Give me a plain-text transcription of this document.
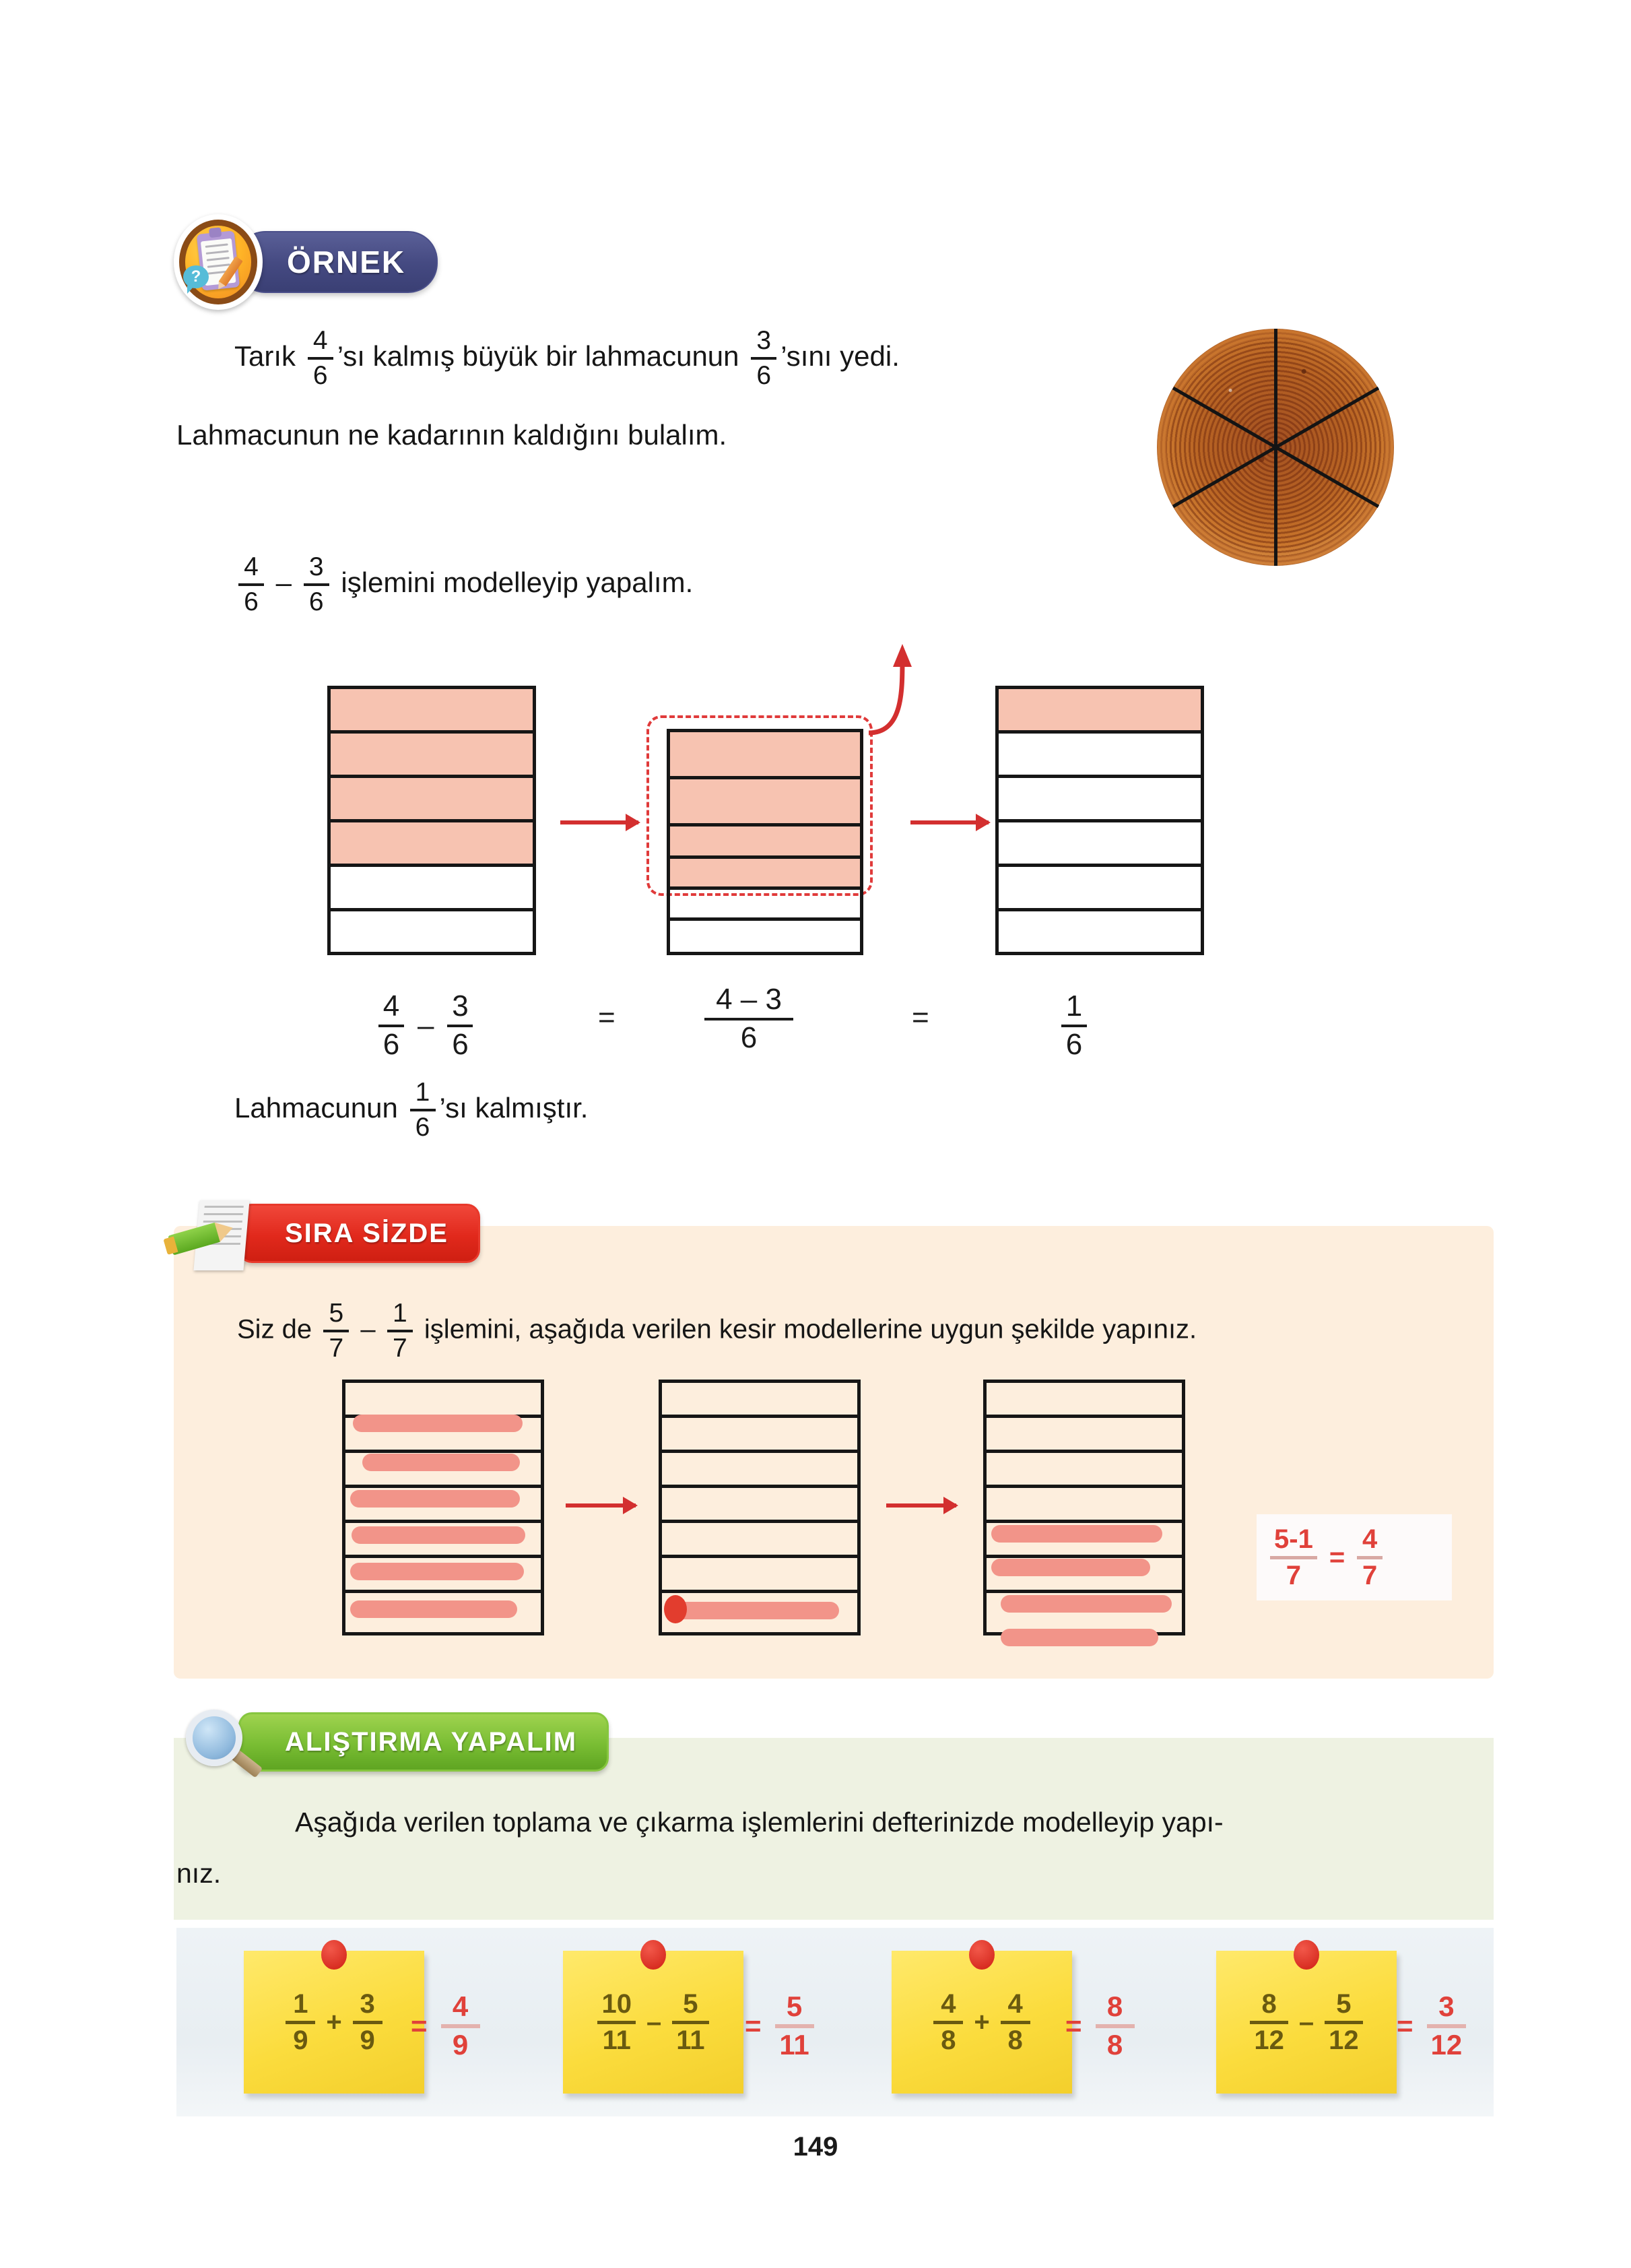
?	ÖRNEK
Tarık $\frac{4}{6}$ ’sı kalmış büyük bir lahmacunun $\frac{3}{6}$ ’sını yedi.
Lahmacunun ne kadarının kaldığını bulalım.
$\frac{4}{6} - \frac{3}{6}$ işlemini modelleyip yapalım.
$\frac{4}{6} - \frac{3}{6}$	=	$\frac{4 - 3}{6}$	=	$\frac{1}{6}$
Lahmacunun $\frac{1}{6}$ ’sı kalmıştır.
SIRA SİZDE
Siz de $\frac{5}{7} - \frac{1}{7}$ işlemini, aşağıda verilen kesir modellerine uygun şekilde yapınız.
5-1
7
=
4
7
ALIŞTIRMA YAPALIM
Aşağıda verilen toplama ve çıkarma işlemlerini defterinizde modelleyip yapı-
nız.
1
9
+
3
9 =
4
9
10
11
–
5
11 =
5
11
4
8
+
4
8 =
8
8
8
12
–
5
12 =
3
12
149
